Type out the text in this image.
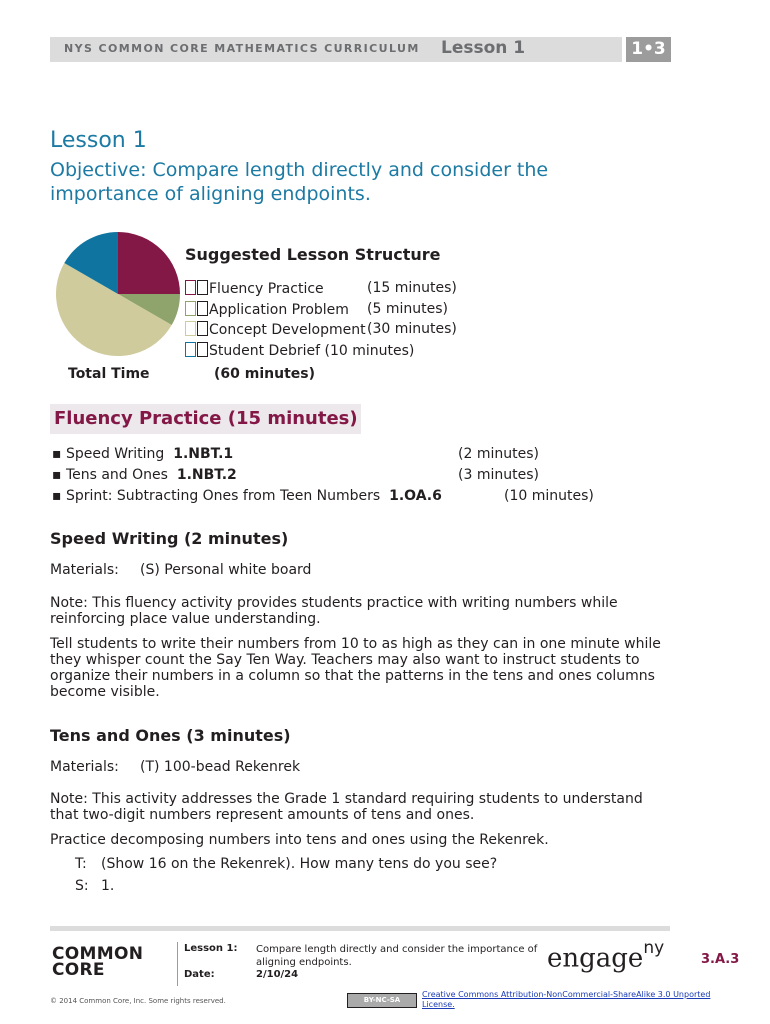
NYS COMMON CORE MATHEMATICS CURRICULUM Lesson 1	1•3
Lesson 1
Objective: Compare length directly and consider the importance of aligning endpoints.
Suggested Lesson Structure
Fluency Practice	(15 minutes)
Application Problem (5 minutes)
Concept Development (30 minutes)
Student Debrief (10 minutes)
Total Time	(60 minutes)
Fluency Practice (15 minutes)
▪ Speed Writing 1.NBT.1	(2 minutes)
▪ Tens and Ones 1.NBT.2	(3 minutes)
▪ Sprint: Subtracting Ones from Teen Numbers 1.OA.6	(10 minutes)
Speed Writing (2 minutes)
Materials: (S) Personal white board
Note: This fluency activity provides students practice with writing numbers while reinforcing place value understanding.
Tell students to write their numbers from 10 to as high as they can in one minute while they whisper count the Say Ten Way. Teachers may also want to instruct students to organize their numbers in a column so that the patterns in the tens and ones columns become visible.
Tens and Ones (3 minutes)
Materials: (T) 100-bead Rekenrek
Note: This activity addresses the Grade 1 standard requiring students to understand that two-digit numbers represent amounts of tens and ones.
Practice decomposing numbers into tens and ones using the Rekenrek.
T: (Show 16 on the Rekenrek). How many tens do you see?
S: 1.
COMMON
CORE
Lesson 1: Compare length directly and consider the importance of aligning endpoints.
Date:	2/10/24
engage$^{ny}$
3.A.3
© 2014 Common Core, Inc. Some rights reserved.	BY-NC-SA
Creative Commons Attribution-NonCommercial-ShareAlike 3.0 Unported License.
